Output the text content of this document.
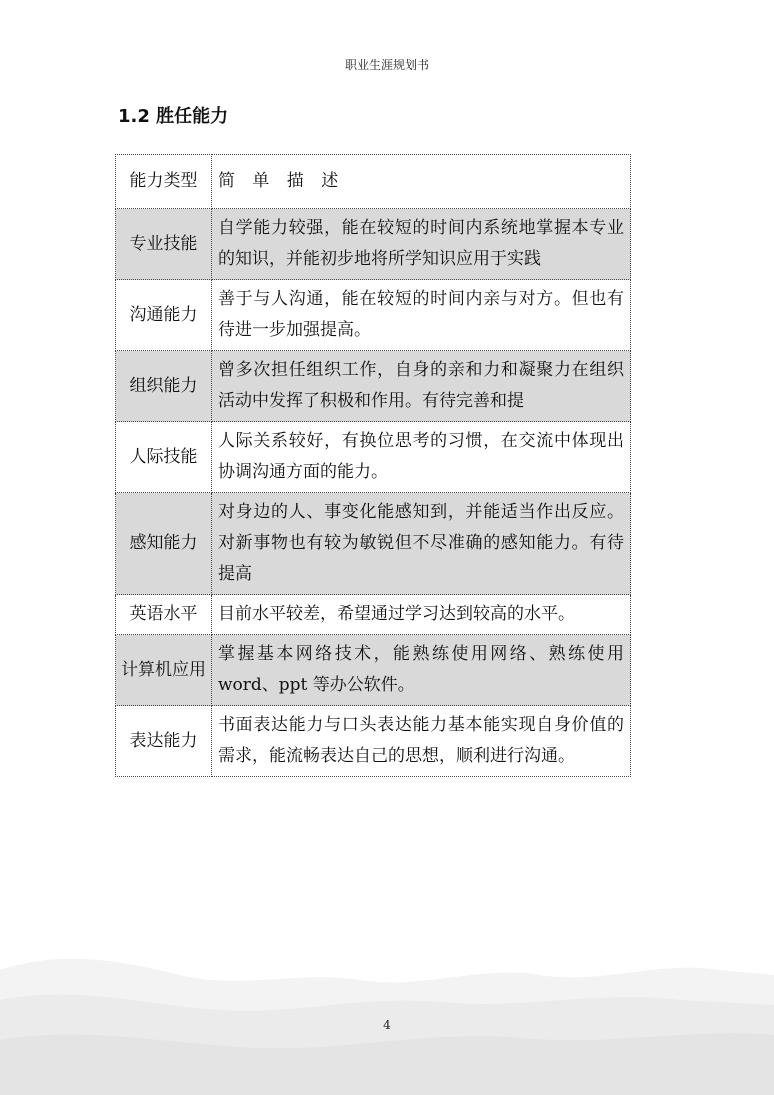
职业生涯规划书
1.2 胜任能力
能力类型	简 单 描 述
专业技能	自学能力较强，能在较短的时间内系统地掌握本专业的知识，并能初步地将所学知识应用于实践
沟通能力	善于与人沟通，能在较短的时间内亲与对方。但也有待进一步加强提高。
组织能力	曾多次担任组织工作，自身的亲和力和凝聚力在组织活动中发挥了积极和作用。有待完善和提
人际技能	人际关系较好，有换位思考的习惯，在交流中体现出协调沟通方面的能力。
感知能力	对身边的人、事变化能感知到，并能适当作出反应。对新事物也有较为敏锐但不尽准确的感知能力。有待提高
英语水平	目前水平较差，希望通过学习达到较高的水平。
计算机应用	掌握基本网络技术，能熟练使用网络、熟练使用word、ppt 等办公软件。
表达能力	书面表达能力与口头表达能力基本能实现自身价值的需求，能流畅表达自己的思想，顺利进行沟通。
4
